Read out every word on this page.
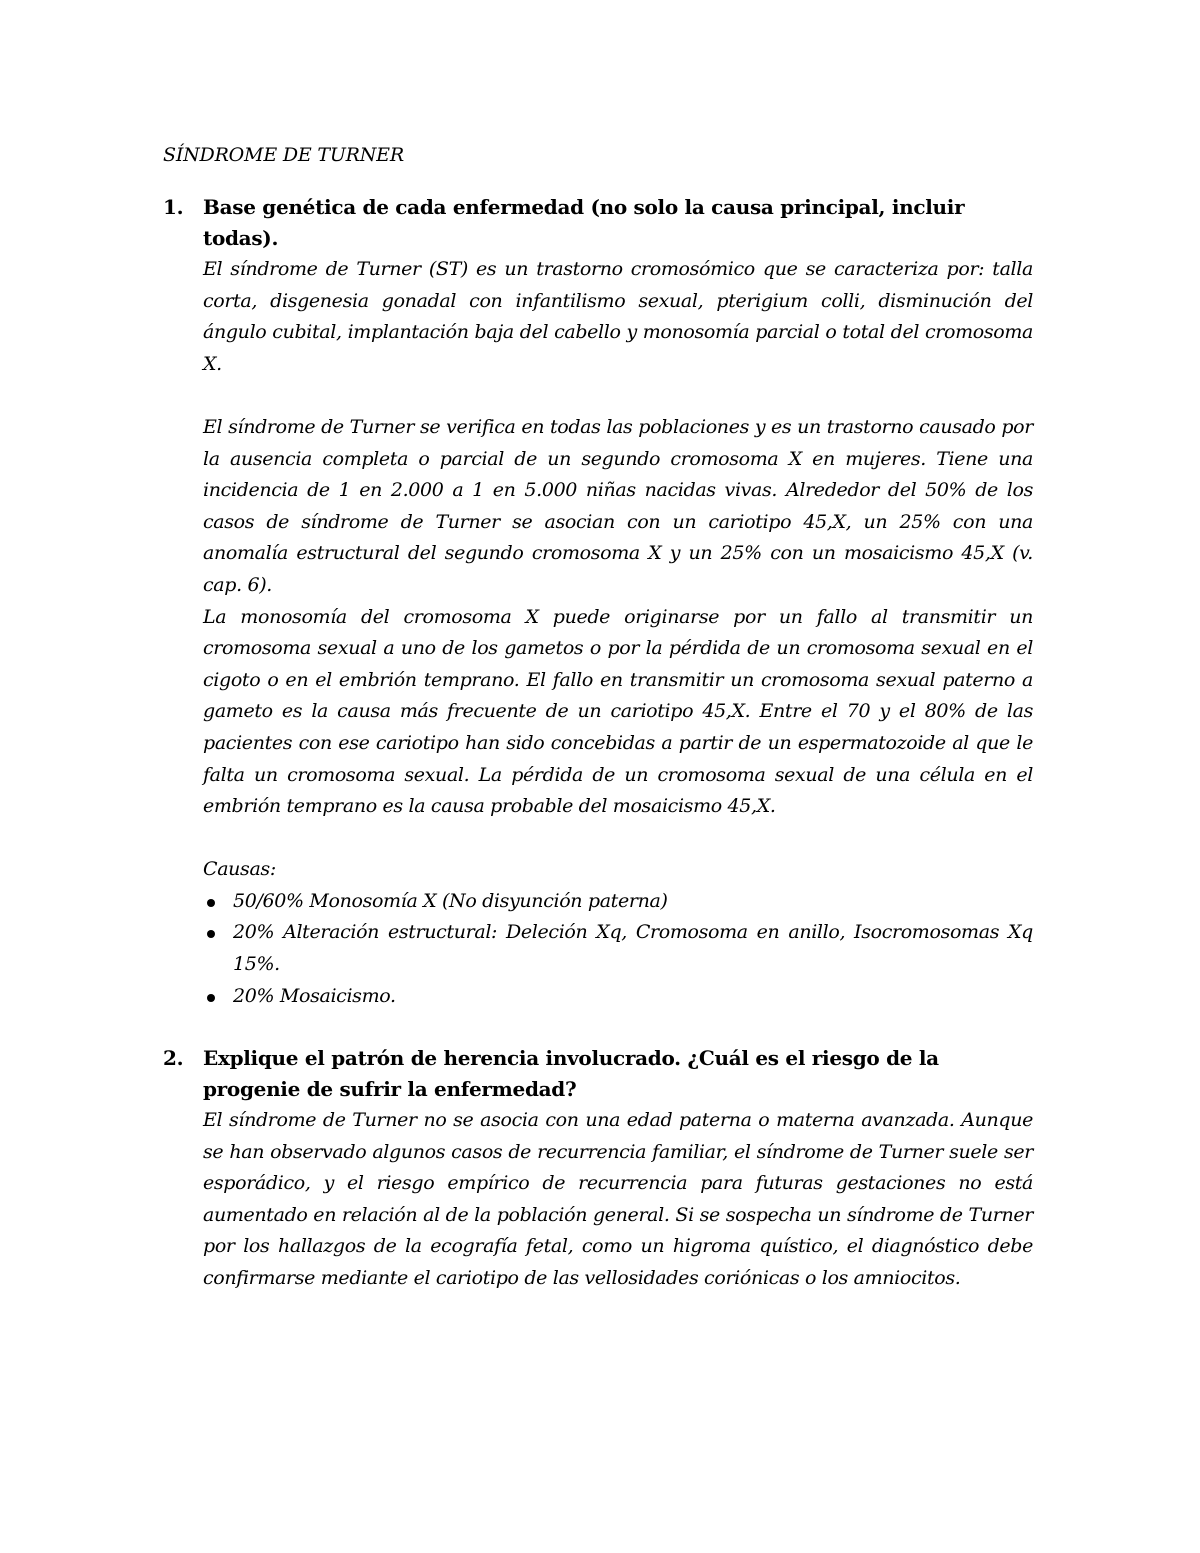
SÍNDROME DE TURNER
1. Base genética de cada enfermedad (no solo la causa principal, incluir todas).

El síndrome de Turner (ST) es un trastorno cromosómico que se caracteriza por: talla corta, disgenesia gonadal con infantilismo sexual, pterigium colli, disminución del ángulo cubital, implantación baja del cabello y monosomía parcial o total del cromosoma X.

El síndrome de Turner se verifica en todas las poblaciones y es un trastorno causado por la ausencia completa o parcial de un segundo cromosoma X en mujeres. Tiene una incidencia de 1 en 2.000 a 1 en 5.000 niñas nacidas vivas. Alrededor del 50% de los casos de síndrome de Turner se asocian con un cariotipo 45,X, un 25% con una anomalía estructural del segundo cromosoma X y un 25% con un mosaicismo 45,X (v. cap. 6).

La monosomía del cromosoma X puede originarse por un fallo al transmitir un cromosoma sexual a uno de los gametos o por la pérdida de un cromosoma sexual en el cigoto o en el embrión temprano. El fallo en transmitir un cromosoma sexual paterno a gameto es la causa más frecuente de un cariotipo 45,X. Entre el 70 y el 80% de las pacientes con ese cariotipo han sido concebidas a partir de un espermatozoide al que le falta un cromosoma sexual. La pérdida de un cromosoma sexual de una célula en el embrión temprano es la causa probable del mosaicismo 45,X.

Causas:

50/60% Monosomía X (No disyunción paterna)
20% Alteración estructural: Deleción Xq, Cromosoma en anillo, Isocromosomas Xq 15%.
20% Mosaicismo.
2. Explique el patrón de herencia involucrado. ¿Cuál es el riesgo de la progenie de sufrir la enfermedad?

El síndrome de Turner no se asocia con una edad paterna o materna avanzada. Aunque se han observado algunos casos de recurrencia familiar, el síndrome de Turner suele ser esporádico, y el riesgo empírico de recurrencia para futuras gestaciones no está aumentado en relación al de la población general. Si se sospecha un síndrome de Turner por los hallazgos de la ecografía fetal, como un higroma quístico, el diagnóstico debe confirmarse mediante el cariotipo de las vellosidades coriónicas o los amniocitos.
